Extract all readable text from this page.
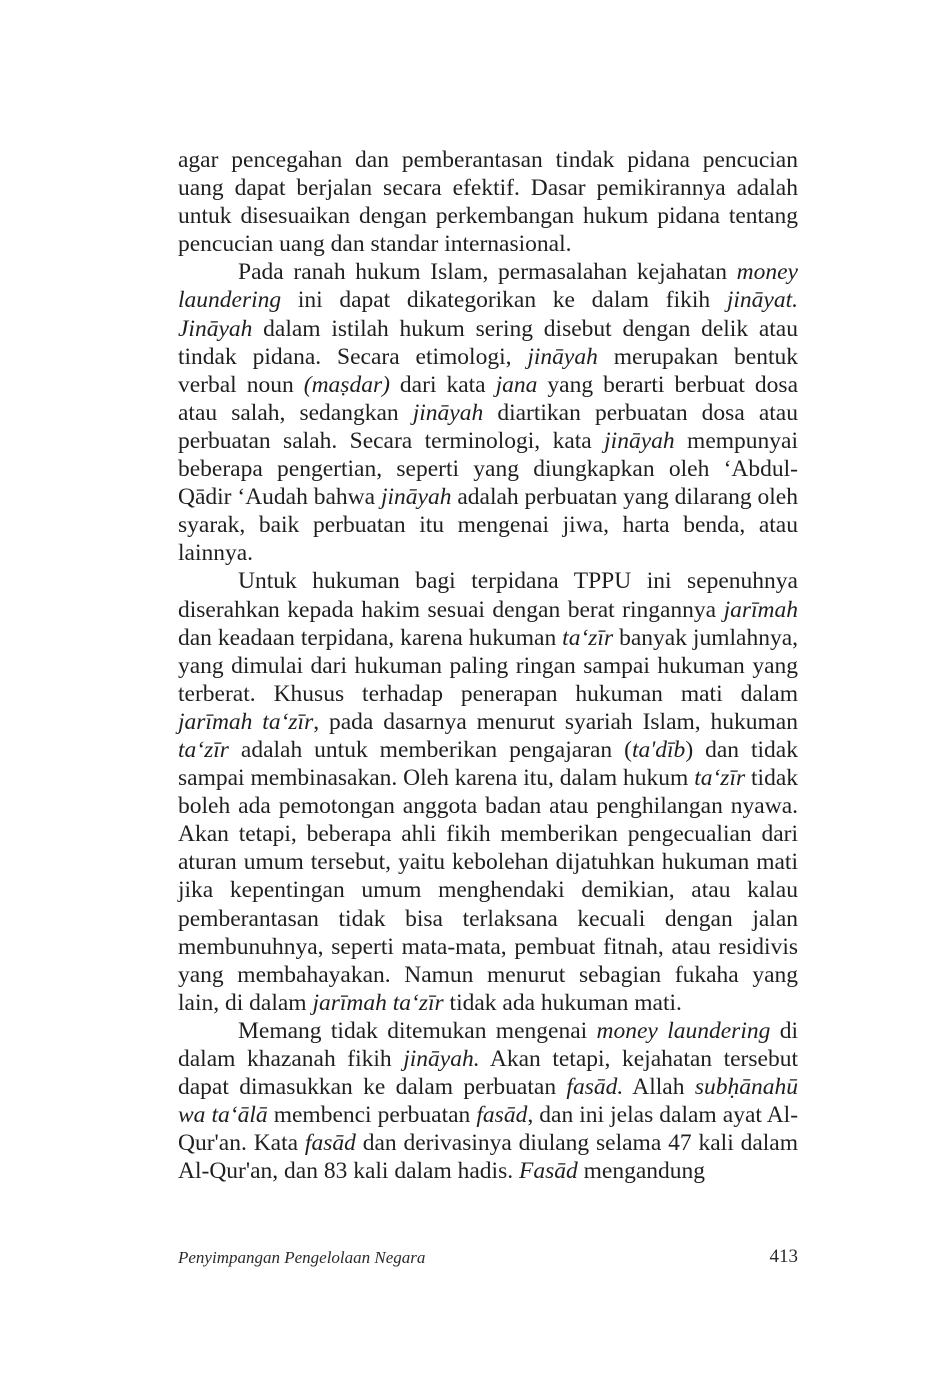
agar pencegahan dan pemberantasan tindak pidana pencucian uang dapat berjalan secara efektif. Dasar pemikirannya adalah untuk disesuaikan dengan perkembangan hukum pidana tentang pencucian uang dan standar internasional.

Pada ranah hukum Islam, permasalahan kejahatan money laundering ini dapat dikategorikan ke dalam fikih jināyat. Jināyah dalam istilah hukum sering disebut dengan delik atau tindak pidana. Secara etimologi, jināyah merupakan bentuk verbal noun (maṣdar) dari kata jana yang berarti berbuat dosa atau salah, sedangkan jināyah diartikan perbuatan dosa atau perbuatan salah. Secara terminologi, kata jināyah mempunyai beberapa pengertian, seperti yang diungkapkan oleh ‘Abdul-Qādir ‘Audah bahwa jināyah adalah perbuatan yang dilarang oleh syarak, baik perbuatan itu mengenai jiwa, harta benda, atau lainnya.

Untuk hukuman bagi terpidana TPPU ini sepenuhnya diserahkan kepada hakim sesuai dengan berat ringannya jarīmah dan keadaan terpidana, karena hukuman ta‘zīr banyak jumlahnya, yang dimulai dari hukuman paling ringan sampai hukuman yang terberat. Khusus terhadap penerapan hukuman mati dalam jarīmah ta‘zīr, pada dasarnya menurut syariah Islam, hukuman ta‘zīr adalah untuk memberikan pengajaran (ta'dīb) dan tidak sampai membinasakan. Oleh karena itu, dalam hukum ta‘zīr tidak boleh ada pemotongan anggota badan atau penghilangan nyawa. Akan tetapi, beberapa ahli fikih memberikan pengecualian dari aturan umum tersebut, yaitu kebolehan dijatuhkan hukuman mati jika kepentingan umum menghendaki demikian, atau kalau pemberantasan tidak bisa terlaksana kecuali dengan jalan membunuhnya, seperti mata-mata, pembuat fitnah, atau residivis yang membahayakan. Namun menurut sebagian fukaha yang lain, di dalam jarīmah ta‘zīr tidak ada hukuman mati.

Memang tidak ditemukan mengenai money laundering di dalam khazanah fikih jināyah. Akan tetapi, kejahatan tersebut dapat dimasukkan ke dalam perbuatan fasād. Allah subḥānahū wa ta‘ālā membenci perbuatan fasād, dan ini jelas dalam ayat Al-Qur'an. Kata fasād dan derivasinya diulang selama 47 kali dalam Al-Qur'an, dan 83 kali dalam hadis. Fasād mengandung

Penyimpangan Pengelolaan Negara	413
